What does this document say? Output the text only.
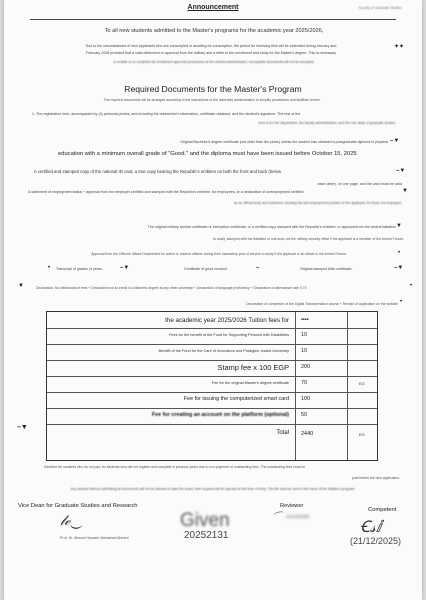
Announcement	Faculty of Graduate Studies
To all new students admitted to the Master's programs for the academic year 2025/2026,
Due to the circumstances of new applicants who are conscripted or awaiting for conscription, the period for receiving files will be extended during January and
February 2026 provided that a valid deferment or approval from the military and a letter to the enrollment and study for the Master's degree. This is necessary
to enable us to complete the enrollment approval procedures at the central administration, incomplete documents will not be accepted.
✦✦
Required Documents for the Master's Program
The required documents will be arranged according to the instructions of the university administration to simplify procedures and facilitate review.
1- The registration form, accompanied by (4) personal photos, and including the researcher's information, certificate obtained, and the student's signature. The rest of the
form is for the department, the faculty administration, and the vice dean of graduate studies.
Original Bachelor's degree certificate (not older than ten years) unless the student has obtained a postgraduate diploma in physical –▼
education with a minimum overall grade of "Good," and the diploma must have been issued before October 15, 2025
A certified and stamped copy of the national ID card, a true copy bearing the Republic's emblem on both the front and back (below	–▼
each other), on one page, and the card must be valid
A statement of employment status + approval from the employer certified and stamped with the Republic's emblem, for employees, or a declaration of unemployment certified	▼
by an official body and notarized, showing the last employment position of the applicant, for those not employed.
The original military service certificate or exemption certificate, or a certified copy stamped with the Republic's emblem, or approval from the central battalion ▼
to study, stamped with the battalion or unit seal, not the military security office if the applicant is a member of the Armed Forces.
Approval from the Officers' Affairs Department for active or reserve officers during their mandatory year of service to study if the applicant is an officer in the Armed Forces.	•
• Transcript of grades (4 years,	–▼	Certificate of good conduct.	–	Original stamped birth certificate.	–▼
▼	Declaration: No withdrawal of fees + Declaration not to enroll in a Master's degree at any other university + Declaration of language proficiency + Declaration of attendance rate 0.75	•
Declaration of completion of the Digital Transformation course + Receipt of application on the website •
the academic year 2025/2026 Tuition fees for ••••
Fees for the benefit of the Fund for Supporting Persons with Disabilities 10
Benefit of the Fund for the Care of Innovators and Prodigies, Assiut University 10
Stamp fee x 100 EGP 200
Fee for the original Master's degree certificate 70	EG
Fee for issuing the computerized smart card 100
Fee for creating an account on the platform (optional) 50
Total 2440	EG
–▼
Deadline for students who do not pay: for students who did not register and complete in previous years due to non-payment of outstanding fees. The outstanding fees must be
paid before the new application.
Any student without submitting all documents will not be allowed to take the exam, their request will be rejected at the time of entry. The file must be sent in the name of the Master's program.
Vice Dean for Graduate Studies and Research
𝓁ℯ‿
Prof. Dr. Ahmed Hussein Mohamed Ahmed
Given
20252131
Reviewer
21/12/2025
⌒
Competent
Ꞓ𝓈ⅈ
(21/12/2025)
